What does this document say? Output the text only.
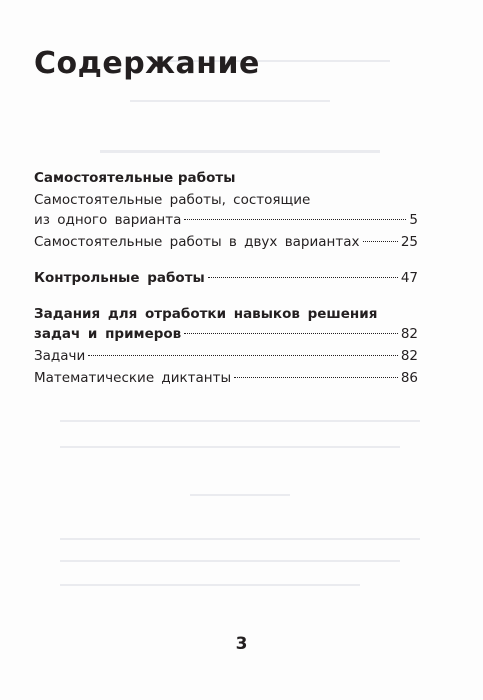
Содержание
Самостоятельные работы
Самостоятельные работы, состоящие
из одного варианта	5
Самостоятельные работы в двух вариантах	25
Контрольные работы	47
Задания для отработки навыков решения
задач и примеров	82
Задачи	82
Математические диктанты	86
3
